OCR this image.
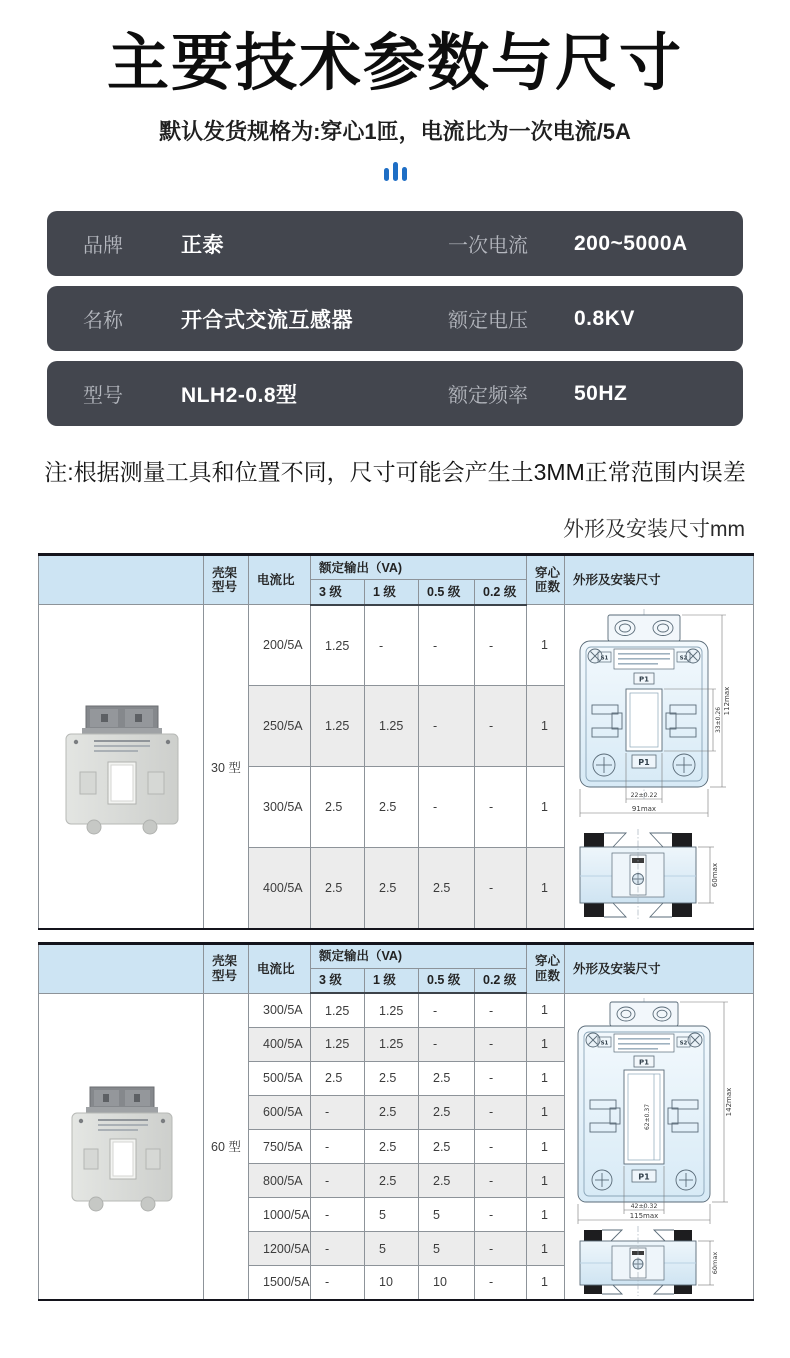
主要技术参数与尺寸
默认发货规格为:穿心1匝，电流比为一次电流/5A
品牌	正泰	一次电流	200~5000A
名称	开合式交流互感器	额定电压	0.8KV
型号	NLH2-0.8型	额定频率	50HZ
注:根据测量工具和位置不同，尺寸可能会产生土3MM正常范围内误差
外形及安装尺寸mm

	壳架
型号	电流比	额定输出（VA)				穿心
匝数	外形及安装尺寸
			3 级	1 级	0.5 级	0.2 级		
	30 型	200/5A	1.25	-	-	-	1	
S1	S2
P1
P1
112max
33±0.26
22±0.22
91max
60max

		250/5A	1.25	1.25	-	-	1	
		300/5A	2.5	2.5	-	-	1	
		400/5A	2.5	2.5	2.5	-	1	

	壳架
型号	电流比	额定输出（VA)				穿心
匝数	外形及安装尺寸
			3 级	1 级	0.5 级	0.2 级		
	60 型	300/5A	1.25	1.25	-	-	1	
S1	S2
P1
P1
142max
62±0.37
42±0.32
115max
60max

		400/5A	1.25	1.25	-	-	1	
		500/5A	2.5	2.5	2.5	-	1	
		600/5A	-	2.5	2.5	-	1	
		750/5A	-	2.5	2.5	-	1	
		800/5A	-	2.5	2.5	-	1	
		1000/5A	-	5	5	-	1	
		1200/5A	-	5	5	-	1	
		1500/5A	-	10	10	-	1	
